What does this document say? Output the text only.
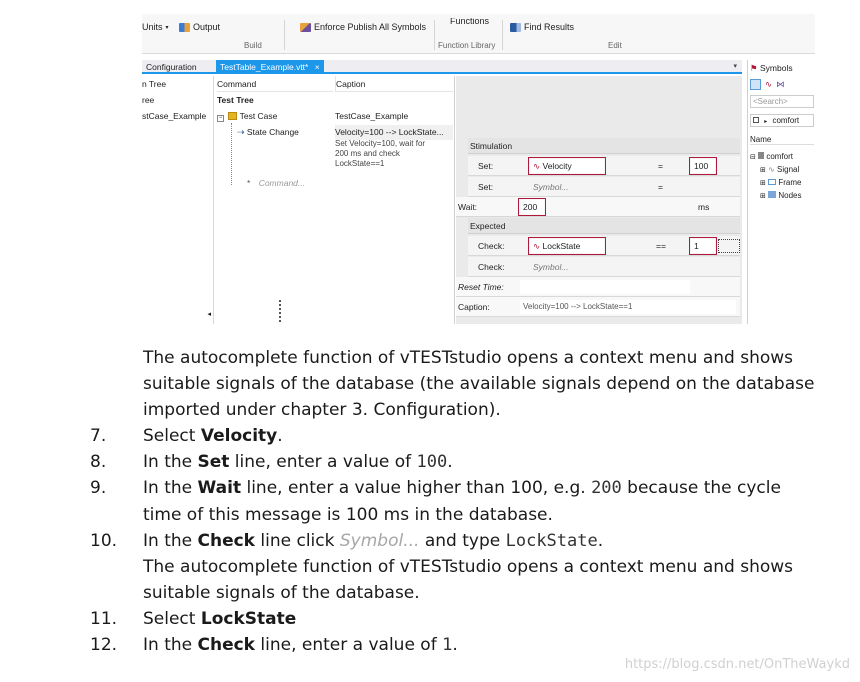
Units ▾	Output
Build
Enforce Publish All Symbols
Functions
Function Library
Find Results
Edit
Configuration	TestTable_Example.vtt* ×	▾
n Tree
ree
stCase_Example
◂
Command	Caption
Test Tree
− Test Case	TestCase_Example
⇢ State Change	Velocity=100 --> LockState...
Set Velocity=100, wait for
200 ms and check
LockState==1
* Command...
Stimulation
Set:	∿ Velocity	=	100
Set:	Symbol...	=
Wait:	200	ms
Expected
Check:	∿ LockState	==	1
Check:	Symbol...
Reset Time:
Caption:	Velocity=100 --> LockState==1
⚑ Symbols
∿ ⋈
<Search>
▸ comfort
Name
⊟ comfort
⊞ ∿ Signal
⊞ Frame
⊞ Nodes
The autocomplete function of vTESTstudio opens a context menu and shows
suitable signals of the database (the available signals depend on the database
imported under chapter 3. Configuration).
7. Select Velocity.
8. In the Set line, enter a value of 100.
9. In the Wait line, enter a value higher than 100, e.g. 200 because the cycle
time of this message is 100 ms in the database.
10. In the Check line click Symbol... and type LockState.
The autocomplete function of vTESTstudio opens a context menu and shows
suitable signals of the database.
11. Select LockState
12. In the Check line, enter a value of 1.
https://blog.csdn.net/OnTheWaykd
